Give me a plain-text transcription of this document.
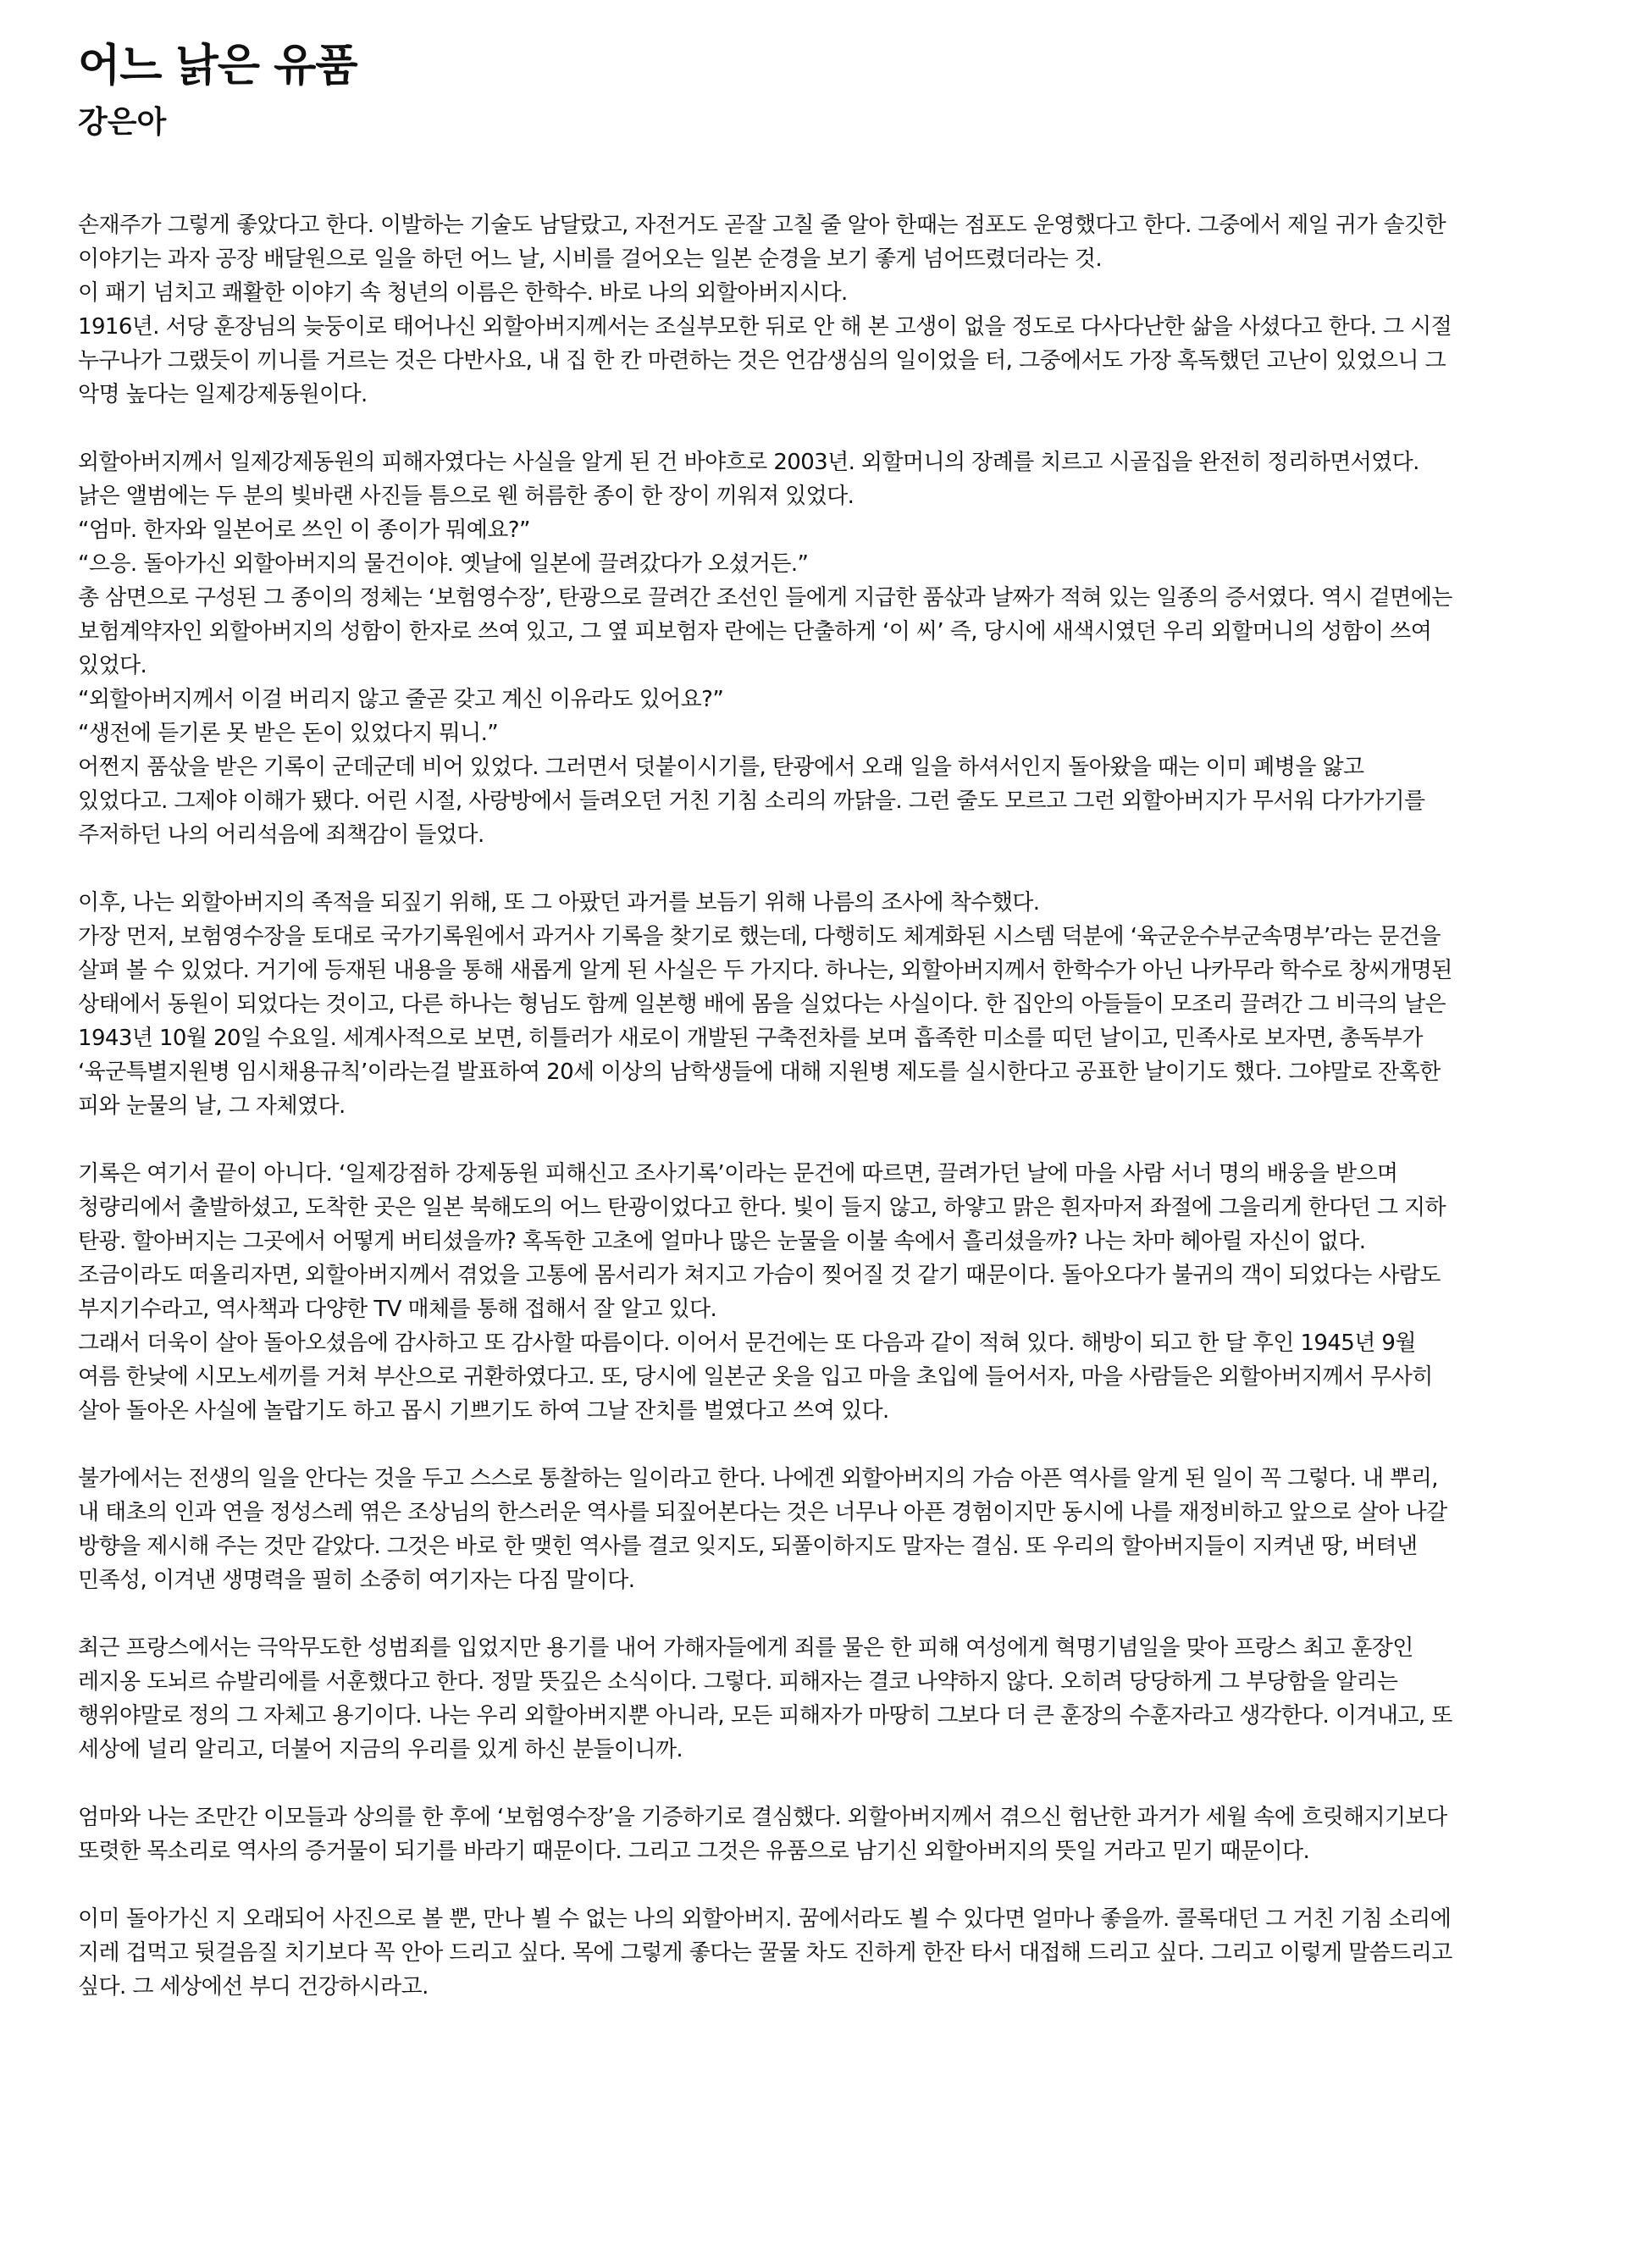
어느 낡은 유품
강은아
손재주가 그렇게 좋았다고 한다. 이발하는 기술도 남달랐고, 자전거도 곧잘 고칠 줄 알아 한때는 점포도 운영했다고 한다. 그중에서 제일 귀가 솔깃한
이야기는 과자 공장 배달원으로 일을 하던 어느 날, 시비를 걸어오는 일본 순경을 보기 좋게 넘어뜨렸더라는 것.
이 패기 넘치고 쾌활한 이야기 속 청년의 이름은 한학수. 바로 나의 외할아버지시다.
1916년. 서당 훈장님의 늦둥이로 태어나신 외할아버지께서는 조실부모한 뒤로 안 해 본 고생이 없을 정도로 다사다난한 삶을 사셨다고 한다. 그 시절
누구나가 그랬듯이 끼니를 거르는 것은 다반사요, 내 집 한 칸 마련하는 것은 언감생심의 일이었을 터, 그중에서도 가장 혹독했던 고난이 있었으니 그
악명 높다는 일제강제동원이다.
외할아버지께서 일제강제동원의 피해자였다는 사실을 알게 된 건 바야흐로 2003년. 외할머니의 장례를 치르고 시골집을 완전히 정리하면서였다.
낡은 앨범에는 두 분의 빛바랜 사진들 틈으로 웬 허름한 종이 한 장이 끼워져 있었다.
“엄마. 한자와 일본어로 쓰인 이 종이가 뭐예요?”
“으응. 돌아가신 외할아버지의 물건이야. 옛날에 일본에 끌려갔다가 오셨거든.”
총 삼면으로 구성된 그 종이의 정체는 ‘보험영수장’, 탄광으로 끌려간 조선인 들에게 지급한 품삯과 날짜가 적혀 있는 일종의 증서였다. 역시 겉면에는
보험계약자인 외할아버지의 성함이 한자로 쓰여 있고, 그 옆 피보험자 란에는 단출하게 ‘이 씨’ 즉, 당시에 새색시였던 우리 외할머니의 성함이 쓰여
있었다.
“외할아버지께서 이걸 버리지 않고 줄곧 갖고 계신 이유라도 있어요?”
“생전에 듣기론 못 받은 돈이 있었다지 뭐니.”
어쩐지 품삯을 받은 기록이 군데군데 비어 있었다. 그러면서 덧붙이시기를, 탄광에서 오래 일을 하셔서인지 돌아왔을 때는 이미 폐병을 앓고
있었다고. 그제야 이해가 됐다. 어린 시절, 사랑방에서 들려오던 거친 기침 소리의 까닭을. 그런 줄도 모르고 그런 외할아버지가 무서워 다가가기를
주저하던 나의 어리석음에 죄책감이 들었다.
이후, 나는 외할아버지의 족적을 되짚기 위해, 또 그 아팠던 과거를 보듬기 위해 나름의 조사에 착수했다.
가장 먼저, 보험영수장을 토대로 국가기록원에서 과거사 기록을 찾기로 했는데, 다행히도 체계화된 시스템 덕분에 ‘육군운수부군속명부’라는 문건을
살펴 볼 수 있었다. 거기에 등재된 내용을 통해 새롭게 알게 된 사실은 두 가지다. 하나는, 외할아버지께서 한학수가 아닌 나카무라 학수로 창씨개명된
상태에서 동원이 되었다는 것이고, 다른 하나는 형님도 함께 일본행 배에 몸을 실었다는 사실이다. 한 집안의 아들들이 모조리 끌려간 그 비극의 날은
1943년 10월 20일 수요일. 세계사적으로 보면, 히틀러가 새로이 개발된 구축전차를 보며 흡족한 미소를 띠던 날이고, 민족사로 보자면, 총독부가
‘육군특별지원병 임시채용규칙’이라는걸 발표하여 20세 이상의 남학생들에 대해 지원병 제도를 실시한다고 공표한 날이기도 했다. 그야말로 잔혹한
피와 눈물의 날, 그 자체였다.
기록은 여기서 끝이 아니다. ‘일제강점하 강제동원 피해신고 조사기록’이라는 문건에 따르면, 끌려가던 날에 마을 사람 서너 명의 배웅을 받으며
청량리에서 출발하셨고, 도착한 곳은 일본 북해도의 어느 탄광이었다고 한다. 빛이 들지 않고, 하얗고 맑은 흰자마저 좌절에 그을리게 한다던 그 지하
탄광. 할아버지는 그곳에서 어떻게 버티셨을까? 혹독한 고초에 얼마나 많은 눈물을 이불 속에서 흘리셨을까? 나는 차마 헤아릴 자신이 없다.
조금이라도 떠올리자면, 외할아버지께서 겪었을 고통에 몸서리가 쳐지고 가슴이 찢어질 것 같기 때문이다. 돌아오다가 불귀의 객이 되었다는 사람도
부지기수라고, 역사책과 다양한 TV 매체를 통해 접해서 잘 알고 있다.
그래서 더욱이 살아 돌아오셨음에 감사하고 또 감사할 따름이다. 이어서 문건에는 또 다음과 같이 적혀 있다. 해방이 되고 한 달 후인 1945년 9월
여름 한낮에 시모노세끼를 거쳐 부산으로 귀환하였다고. 또, 당시에 일본군 옷을 입고 마을 초입에 들어서자, 마을 사람들은 외할아버지께서 무사히
살아 돌아온 사실에 놀랍기도 하고 몹시 기쁘기도 하여 그날 잔치를 벌였다고 쓰여 있다.
불가에서는 전생의 일을 안다는 것을 두고 스스로 통찰하는 일이라고 한다. 나에겐 외할아버지의 가슴 아픈 역사를 알게 된 일이 꼭 그렇다. 내 뿌리,
내 태초의 인과 연을 정성스레 엮은 조상님의 한스러운 역사를 되짚어본다는 것은 너무나 아픈 경험이지만 동시에 나를 재정비하고 앞으로 살아 나갈
방향을 제시해 주는 것만 같았다. 그것은 바로 한 맺힌 역사를 결코 잊지도, 되풀이하지도 말자는 결심. 또 우리의 할아버지들이 지켜낸 땅, 버텨낸
민족성, 이겨낸 생명력을 필히 소중히 여기자는 다짐 말이다.
최근 프랑스에서는 극악무도한 성범죄를 입었지만 용기를 내어 가해자들에게 죄를 물은 한 피해 여성에게 혁명기념일을 맞아 프랑스 최고 훈장인
레지옹 도뇌르 슈발리에를 서훈했다고 한다. 정말 뜻깊은 소식이다. 그렇다. 피해자는 결코 나약하지 않다. 오히려 당당하게 그 부당함을 알리는
행위야말로 정의 그 자체고 용기이다. 나는 우리 외할아버지뿐 아니라, 모든 피해자가 마땅히 그보다 더 큰 훈장의 수훈자라고 생각한다. 이겨내고, 또
세상에 널리 알리고, 더불어 지금의 우리를 있게 하신 분들이니까.
엄마와 나는 조만간 이모들과 상의를 한 후에 ‘보험영수장’을 기증하기로 결심했다. 외할아버지께서 겪으신 험난한 과거가 세월 속에 흐릿해지기보다
또렷한 목소리로 역사의 증거물이 되기를 바라기 때문이다. 그리고 그것은 유품으로 남기신 외할아버지의 뜻일 거라고 믿기 때문이다.
이미 돌아가신 지 오래되어 사진으로 볼 뿐, 만나 뵐 수 없는 나의 외할아버지. 꿈에서라도 뵐 수 있다면 얼마나 좋을까. 콜록대던 그 거친 기침 소리에
지레 겁먹고 뒷걸음질 치기보다 꼭 안아 드리고 싶다. 목에 그렇게 좋다는 꿀물 차도 진하게 한잔 타서 대접해 드리고 싶다. 그리고 이렇게 말씀드리고
싶다. 그 세상에선 부디 건강하시라고.
